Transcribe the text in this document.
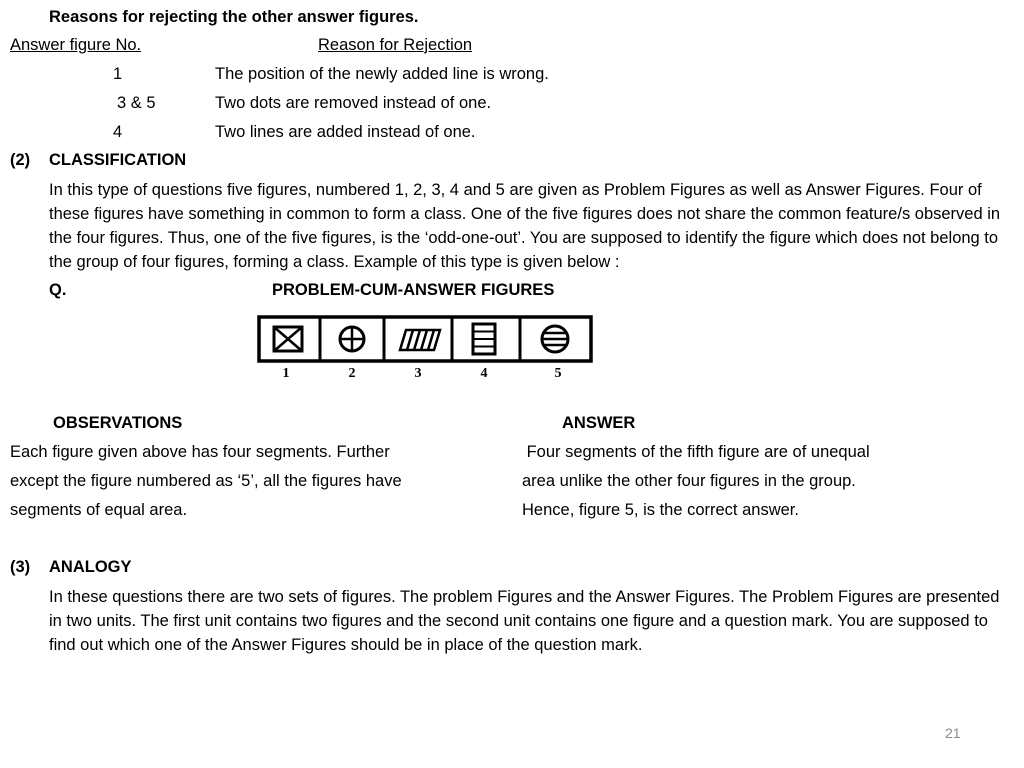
Reasons for rejecting the other answer figures.
Answer figure No.	Reason for Rejection
1	The position of the newly added line is wrong.
3 & 5	Two dots are removed instead of one.
4	Two lines are added instead of one.
(2) CLASSIFICATION
In this type of questions five figures, numbered 1, 2, 3, 4 and 5 are given as Problem Figures as well as Answer Figures. Four of these figures have something in common to form a class. One of the five figures does not share the common feature/s observed in the four figures. Thus, one of the five figures, is the ‘odd-one-out’. You are supposed to identify the figure which does not belong to the group of four figures, forming a class. Example of this type is given below :
Q.	PROBLEM-CUM-ANSWER FIGURES
1	2	3	4	5
OBSERVATIONS	ANSWER
Each figure given above has four segments. Further
except the figure numbered as ‘5’, all the figures have
segments of equal area.
Four segments of the fifth figure are of unequal
area unlike the other four figures in the group.
Hence, figure 5, is the correct answer.
(3) ANALOGY
In these questions there are two sets of figures. The problem Figures and the Answer Figures. The Problem Figures are presented in two units. The first unit contains two figures and the second unit contains one figure and a question mark. You are supposed to find out which one of the Answer Figures should be in place of the question mark.
21
